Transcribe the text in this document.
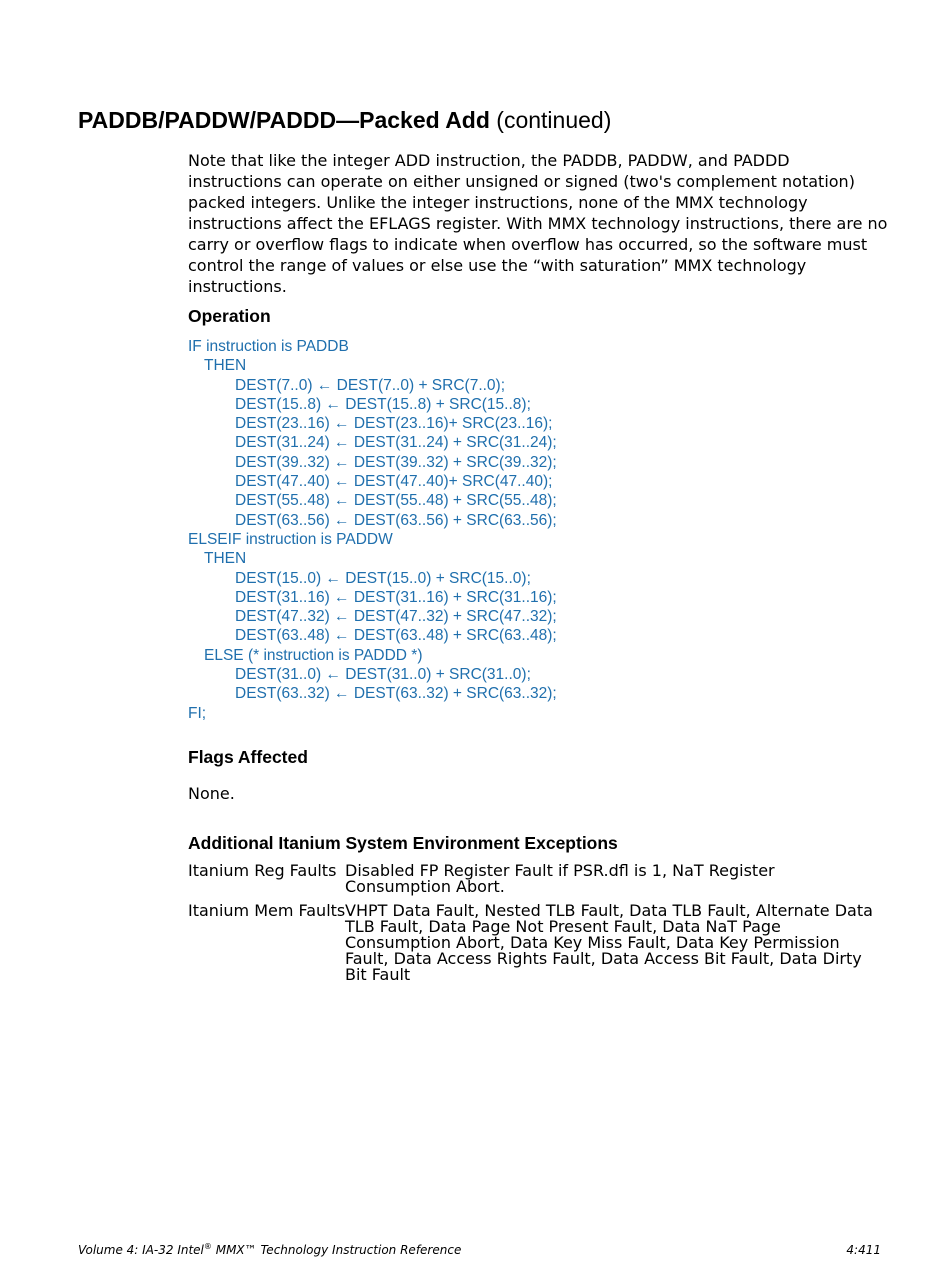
PADDB/PADDW/PADDD—Packed Add (continued)

Note that like the integer ADD instruction, the PADDB, PADDW, and PADDD instructions can operate on either unsigned or signed (two's complement notation) packed integers. Unlike the integer instructions, none of the MMX technology instructions affect the EFLAGS register. With MMX technology instructions, there are no carry or overflow flags to indicate when overflow has occurred, so the software must control the range of values or else use the “with saturation” MMX technology instructions.

Operation
IF instruction is PADDB
THEN
DEST(7..0) ← DEST(7..0) + SRC(7..0);
DEST(15..8) ← DEST(15..8) + SRC(15..8);
DEST(23..16) ← DEST(23..16)+ SRC(23..16);
DEST(31..24) ← DEST(31..24) + SRC(31..24);
DEST(39..32) ← DEST(39..32) + SRC(39..32);
DEST(47..40) ← DEST(47..40)+ SRC(47..40);
DEST(55..48) ← DEST(55..48) + SRC(55..48);
DEST(63..56) ← DEST(63..56) + SRC(63..56);
ELSEIF instruction is PADDW
THEN
DEST(15..0) ← DEST(15..0) + SRC(15..0);
DEST(31..16) ← DEST(31..16) + SRC(31..16);
DEST(47..32) ← DEST(47..32) + SRC(47..32);
DEST(63..48) ← DEST(63..48) + SRC(63..48);
ELSE (* instruction is PADDD *)
DEST(31..0) ← DEST(31..0) + SRC(31..0);
DEST(63..32) ← DEST(63..32) + SRC(63..32);
FI;
Flags Affected

None.

Additional Itanium System Environment Exceptions
Itanium Reg Faults Disabled FP Register Fault if PSR.dfl is 1, NaT Register Consumption Abort.
Itanium Mem Faults VHPT Data Fault, Nested TLB Fault, Data TLB Fault, Alternate Data TLB Fault, Data Page Not Present Fault, Data NaT Page Consumption Abort, Data Key Miss Fault, Data Key Permission Fault, Data Access Rights Fault, Data Access Bit Fault, Data Dirty Bit Fault
Volume 4: IA-32 Intel® MMX™ Technology Instruction Reference	4:411
